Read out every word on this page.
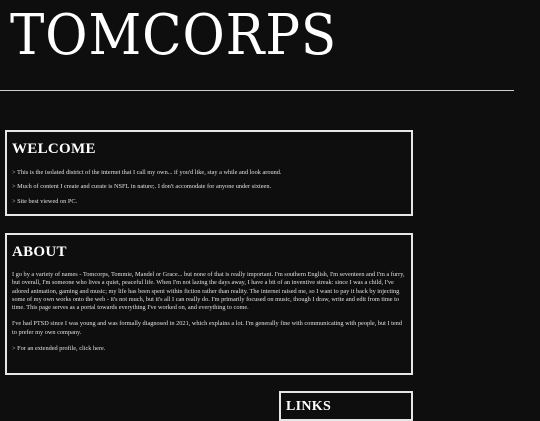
TOMCORPS
WELCOME

> This is the isolated district of the internet that I call my own... if you'd like, stay a while and look around.

> Much of content I create and curate is NSFL in nature;. I don't accomodate for anyone under sixteen.

> Site best viewed on PC.

ABOUT

I go by a variety of names - Tomcorps, Tommie, Mandel or Grace... but none of that is really important. I'm southern English, I'm seventeen and I'm a furry, but overall, I'm someone who lives a quiet, peaceful life. When I'm not lazing the days away, I have a bit of an inventive streak: since I was a child, I've adored animation, gaming and music; my life has been spent within fiction rather than reality. The internet raised me, so I want to pay it back by injecting some of my own works onto the web - it's not much, but it's all I can really do. I'm primarily focused on music, though I draw, write and edit from time to time. This page serves as a portal towards everything I've worked on, and everything to come.

I've had PTSD since I was young and was formally diagnosed in 2021, which explains a lot. I'm generally fine with communicating with people, but I tend to prefer my own company.

> For an extended profile, click here.

LINKS
